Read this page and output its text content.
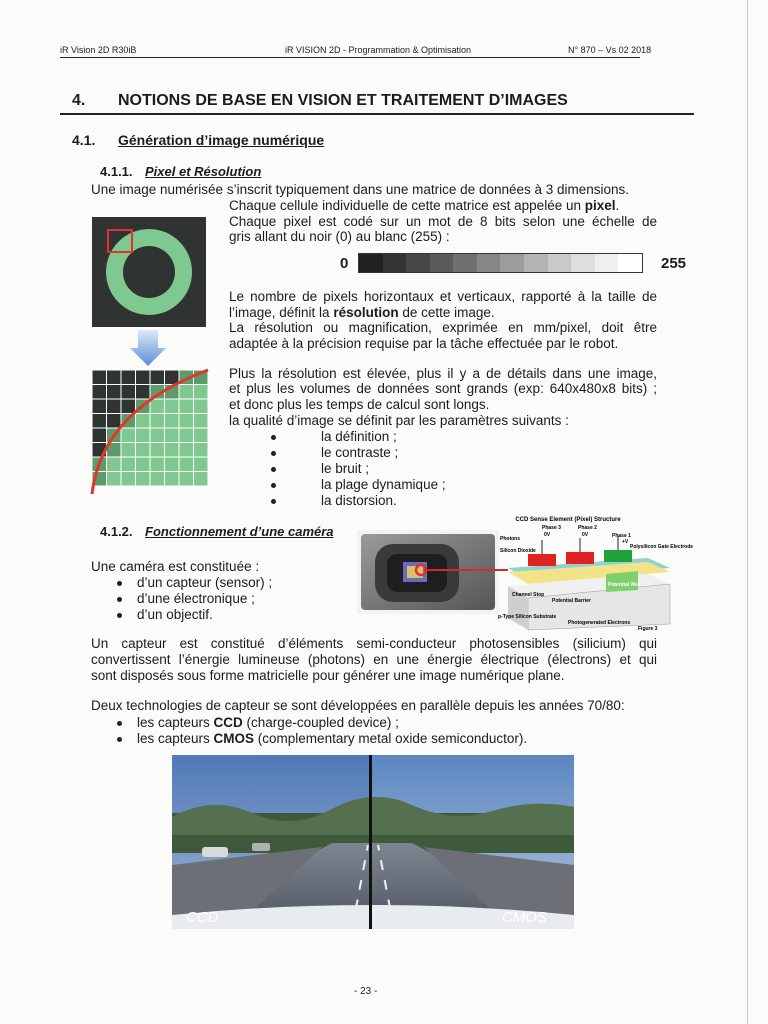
iR Vision 2D R30iB	iR VISION 2D - Programmation & Optimisation	N° 870 – Vs 02 2018
4. NOTIONS DE BASE EN VISION ET TRAITEMENT D’IMAGES
4.1. Génération d’image numérique
4.1.1. Pixel et Résolution
Une image numérisée s’inscrit typiquement dans une matrice de données à 3 dimensions.
Chaque cellule individuelle de cette matrice est appelée un pixel.
Chaque pixel est codé sur un mot de 8 bits selon une échelle de
gris allant du noir (0) au blanc (255) :
0	255
Le nombre de pixels horizontaux et verticaux, rapporté à la taille de
l’image, définit la résolution de cette image.
La résolution ou magnification, exprimée en mm/pixel, doit être
adaptée à la précision requise par la tâche effectuée par le robot.
Plus la résolution est élevée, plus il y a de détails dans une image,
et plus les volumes de données sont grands (exp: 640x480x8 bits) ;
et donc plus les temps de calcul sont longs.
la qualité d’image se définit par les paramètres suivants :
la définition ;
le contraste ;
le bruit ;
la plage dynamique ;
la distorsion.
4.1.2. Fonctionnement d’une caméra
Une caméra est constituée :
d’un capteur (sensor) ;
d’une électronique ;
d’un objectif.
CCD Sense Element (Pixel) Structure
Phase 3	Phase 2
Phase 1
0V	0V
+V
Photons
Silicon Dioxide
Polysilicon Gate Electrode
Channel Stop
Potential Barrier
Potential Well
p-Type Silicon Substrate
Photogenerated Electrons
Figure 3
Un capteur est constitué d’éléments semi-conducteur photosensibles (silicium) qui
convertissent l’énergie lumineuse (photons) en une énergie électrique (électrons) et qui
sont disposés sous forme matricielle pour générer une image numérique plane.
Deux technologies de capteur se sont développées en parallèle depuis les années 70/80:
les capteurs CCD (charge-coupled device) ;
les capteurs CMOS (complementary metal oxide semiconductor).
CCD	CMOS
- 23 -
